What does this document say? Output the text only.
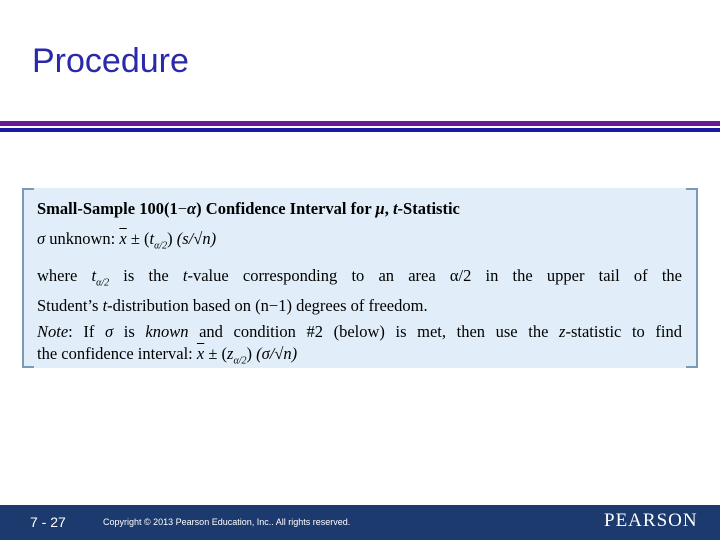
Procedure
Small-Sample 100(1−α) Confidence Interval for μ, t-Statistic
σ unknown: $\overline{x} \pm (t_{\alpha/2})$ (s/√n)
where $t_{\alpha/2}$ is the t-value corresponding to an area α/2 in the upper tail of the
Student’s t-distribution based on (n−1) degrees of freedom.
Note: If σ is known and condition #2 (below) is met, then use the z-statistic to find
the confidence interval: $\overline{x} \pm (z_{\alpha/2})$ (σ/√n)
7 - 27	Copyright © 2013 Pearson Education, Inc.. All rights reserved.	PEARSON
